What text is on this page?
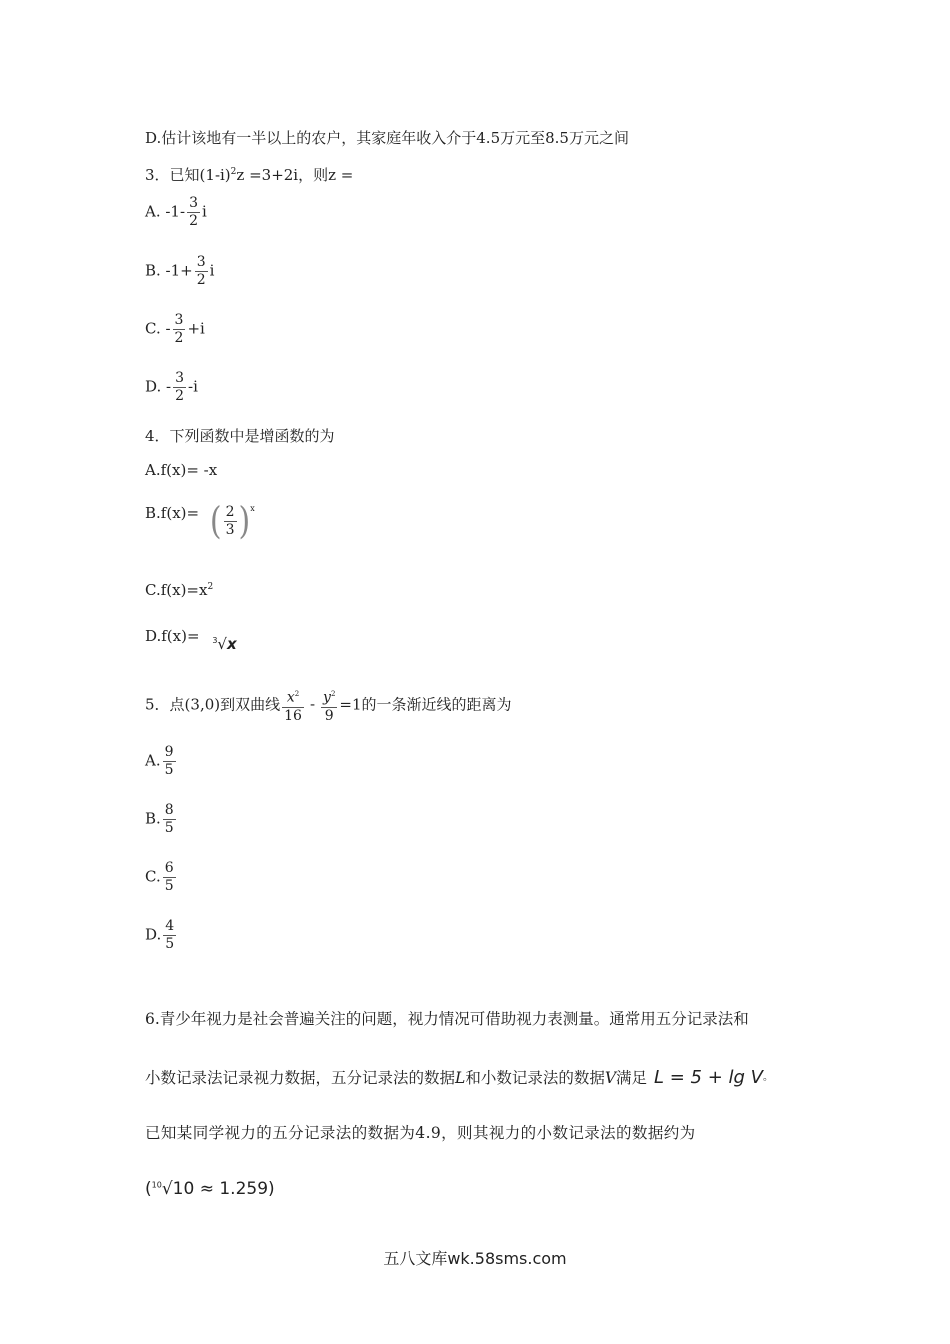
D.估计该地有一半以上的农户，其家庭年收入介于4.5万元至8.5万元之间
3．已知$(1-i)^2z =3+2i$，则z =
A. $-1- \frac{3}{2}$ i
B. $-1+ \frac{3}{2}$ i
C. - $\frac{3}{2} +i$
D. - $\frac{3}{2} -i$
4．下列函数中是增函数的为
A.f(x)= -x
B.f(x)= ( $\frac{2}{3} )^x$
$C.f(x)=x^2$
D.f(x)= $^3$√x
5．点(3,0)到双曲线 $\frac{x^2}{16} - \frac{y^2}{9} =1$的一条渐近线的距离为
A. $\frac{9}{5}$
B. $\frac{8}{5}$
C. $\frac{6}{5}$
D. $\frac{4}{5}$
6.青少年视力是社会普遍关注的问题，视力情况可借助视力表测量。通常用五分记录法和
小数记录法记录视力数据，五分记录法的数据L和小数记录法的数据V满足 L = 5 + lg V。
已知某同学视力的五分记录法的数据为4.9，则其视力的小数记录法的数据约为
($^{10}$√10 ≈ 1.259)
五八文库wk.58sms.com
